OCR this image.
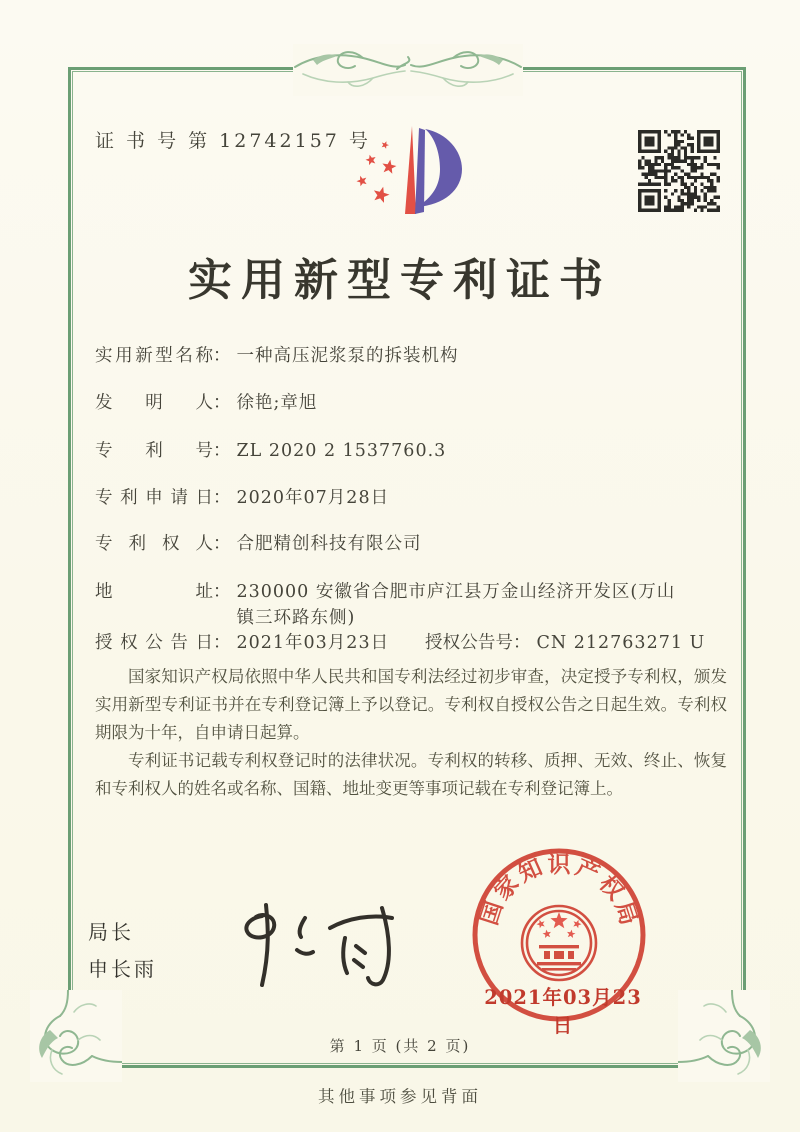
证 书 号 第 12742157 号
实用新型专利证书
实用新型名称： 一种高压泥浆泵的拆装机构
发明人： 徐艳;章旭
专利号： ZL 2020 2 1537760.3
专利申请日： 2020年07月28日
专利权人： 合肥精创科技有限公司
地址： 230000 安徽省合肥市庐江县万金山经济开发区(万山镇三环路东侧)
授权公告日： 2021年03月23日 授权公告号： CN 212763271 U

国家知识产权局依照中华人民共和国专利法经过初步审查，决定授予专利权，颁发实用新型专利证书并在专利登记簿上予以登记。专利权自授权公告之日起生效。专利权期限为十年，自申请日起算。

专利证书记载专利权登记时的法律状况。专利权的转移、质押、无效、终止、恢复和专利权人的姓名或名称、国籍、地址变更等事项记载在专利登记簿上。

局长
申长雨
国
家
知 识 产
权
局
2021年03月23日
第 1 页 (共 2 页)
其他事项参见背面
